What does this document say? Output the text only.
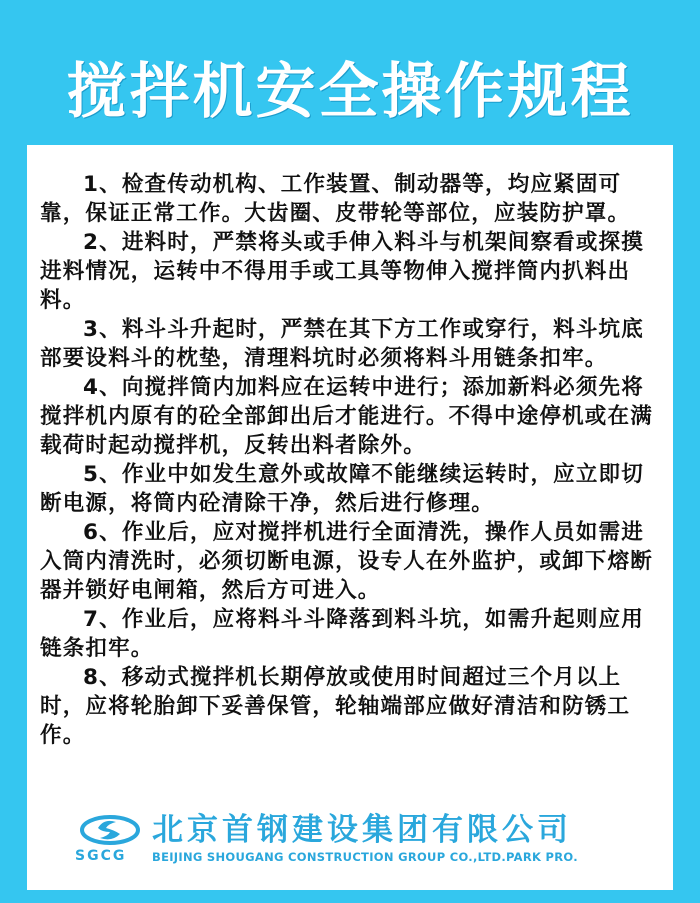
搅拌机安全操作规程

1、检查传动机构、工作装置、制动器等，均应紧固可靠，保证正常工作。大齿圈、皮带轮等部位，应装防护罩。

2、进料时，严禁将头或手伸入料斗与机架间察看或探摸进料情况，运转中不得用手或工具等物伸入搅拌筒内扒料出料。

3、料斗斗升起时，严禁在其下方工作或穿行，料斗坑底部要设料斗的枕垫，清理料坑时必须将料斗用链条扣牢。

4、向搅拌筒内加料应在运转中进行；添加新料必须先将搅拌机内原有的砼全部卸出后才能进行。不得中途停机或在满载荷时起动搅拌机，反转出料者除外。

5、作业中如发生意外或故障不能继续运转时，应立即切断电源，将筒内砼清除干净，然后进行修理。

6、作业后，应对搅拌机进行全面清洗，操作人员如需进入筒内清洗时，必须切断电源，设专人在外监护，或卸下熔断器并锁好电闸箱，然后方可进入。

7、作业后，应将料斗斗降落到料斗坑，如需升起则应用链条扣牢。

8、移动式搅拌机长期停放或使用时间超过三个月以上时，应将轮胎卸下妥善保管，轮轴端部应做好清洁和防锈工作。

北京首钢建设集团有限公司
SGCG BEIJING SHOUGANG CONSTRUCTION GROUP CO.,LTD.PARK PRO.
